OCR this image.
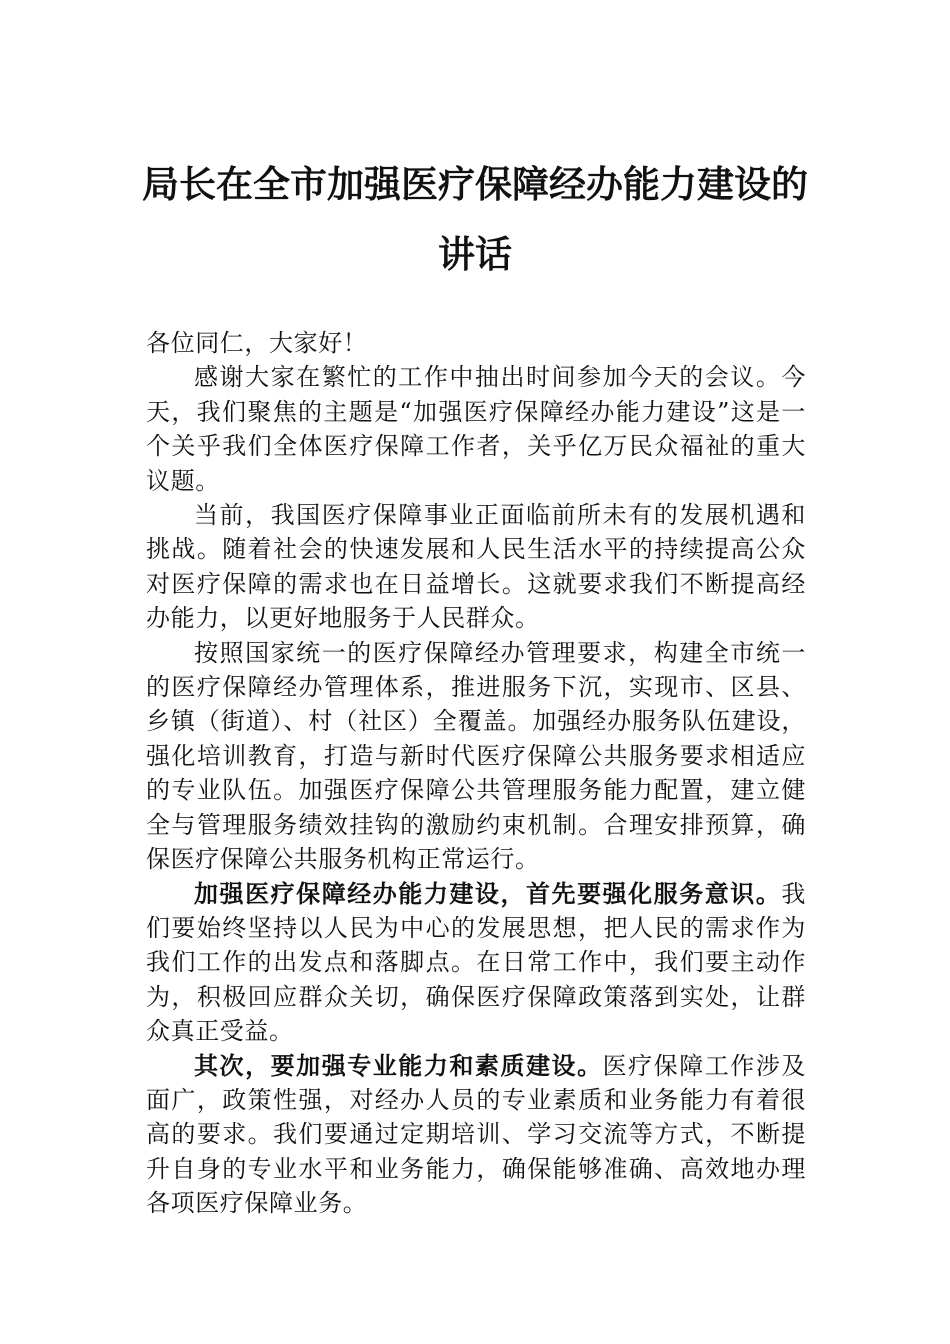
局长在全市加强医疗保障经办能力建设的
讲话

各位同仁，大家好！

感谢大家在繁忙的工作中抽出时间参加今天的会议。今天，我们聚焦的主题是“加强医疗保障经办能力建设”这是一个关乎我们全体医疗保障工作者，关乎亿万民众福祉的重大议题。

当前，我国医疗保障事业正面临前所未有的发展机遇和挑战。随着社会的快速发展和人民生活水平的持续提高公众对医疗保障的需求也在日益增长。这就要求我们不断提高经办能力，以更好地服务于人民群众。

按照国家统一的医疗保障经办管理要求，构建全市统一的医疗保障经办管理体系，推进服务下沉，实现市、区县、乡镇（街道）、村（社区）全覆盖。加强经办服务队伍建设，强化培训教育，打造与新时代医疗保障公共服务要求相适应的专业队伍。加强医疗保障公共管理服务能力配置，建立健全与管理服务绩效挂钩的激励约束机制。合理安排预算，确保医疗保障公共服务机构正常运行。

加强医疗保障经办能力建设，首先要强化服务意识。我们要始终坚持以人民为中心的发展思想，把人民的需求作为我们工作的出发点和落脚点。在日常工作中，我们要主动作为，积极回应群众关切，确保医疗保障政策落到实处，让群众真正受益。

其次，要加强专业能力和素质建设。医疗保障工作涉及面广，政策性强，对经办人员的专业素质和业务能力有着很高的要求。我们要通过定期培训、学习交流等方式，不断提升自身的专业水平和业务能力，确保能够准确、高效地办理各项医疗保障业务。
